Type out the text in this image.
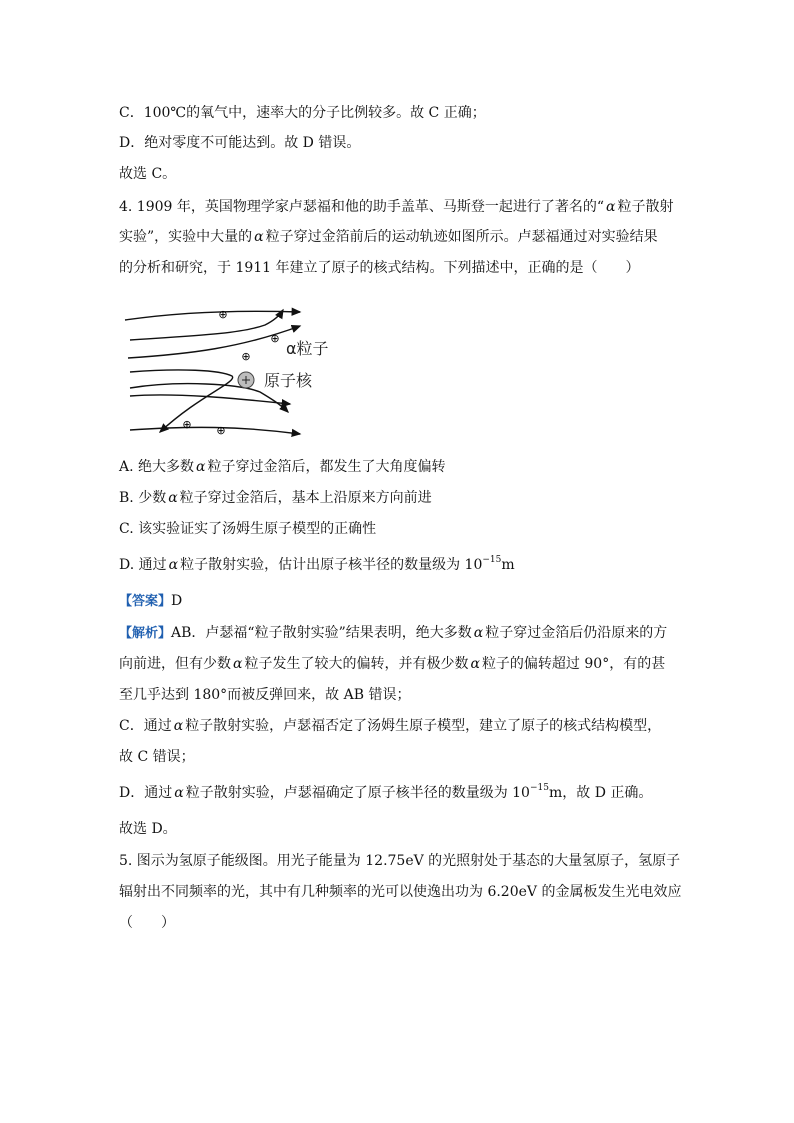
C．100℃的氧气中，速率大的分子比例较多。故 C 正确；
D．绝对零度不可能达到。故 D 错误。
故选 C。
4. 1909 年，英国物理学家卢瑟福和他的助手盖革、马斯登一起进行了著名的“ α 粒子散射
实验”，实验中大量的 α 粒子穿过金箔前后的运动轨迹如图所示。卢瑟福通过对实验结果
的分析和研究，于 1911 年建立了原子的核式结构。下列描述中，正确的是（　　）
⊕
⊕
⊕
⊕ ⊕
α粒子
原子核
A. 绝大多数 α 粒子穿过金箔后，都发生了大角度偏转
B. 少数 α 粒子穿过金箔后，基本上沿原来方向前进
C. 该实验证实了汤姆生原子模型的正确性
D. 通过 α 粒子散射实验，估计出原子核半径的数量级为 $10^{-15}m$
【答案】D
【解析】AB．卢瑟福“粒子散射实验”结果表明，绝大多数 α 粒子穿过金箔后仍沿原来的方
向前进，但有少数 α 粒子发生了较大的偏转，并有极少数 α 粒子的偏转超过 90°，有的甚
至几乎达到 180°而被反弹回来，故 AB 错误；
C．通过 α 粒子散射实验，卢瑟福否定了汤姆生原子模型，建立了原子的核式结构模型，
故 C 错误；
D．通过 α 粒子散射实验，卢瑟福确定了原子核半径的数量级为 $10^{-15}m$，故 D 正确。
故选 D。
5. 图示为氢原子能级图。用光子能量为 12.75eV 的光照射处于基态的大量氢原子，氢原子
辐射出不同频率的光，其中有几种频率的光可以使逸出功为 6.20eV 的金属板发生光电效应
（　　）
